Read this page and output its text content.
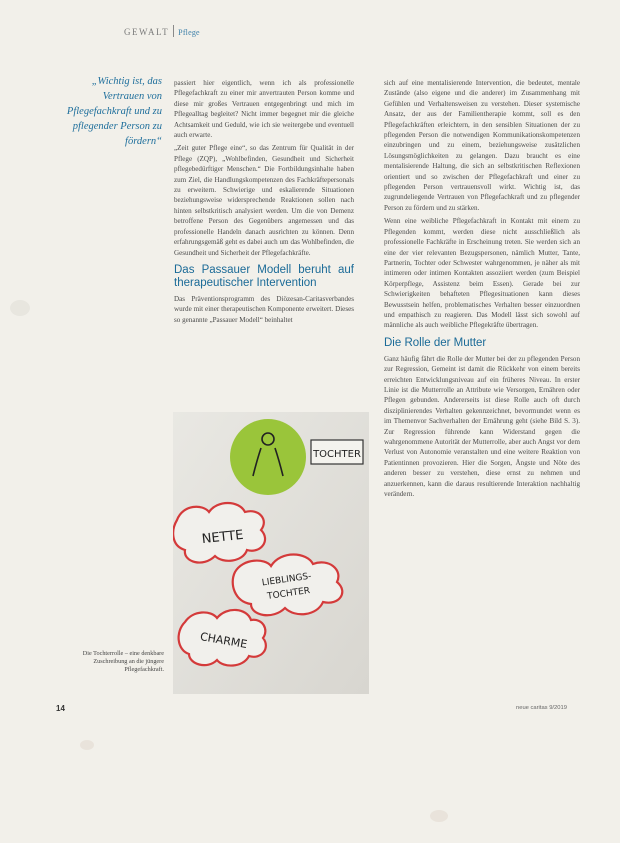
GEWALT Pflege
„Wichtig ist, das Vertrauen von Pflegefachkraft und zu pflegender Person zu fördern“

passiert hier eigentlich, wenn ich als professionelle Pflegefachkraft zu einer mir anvertrauten Person komme und diese mir großes Vertrauen entgegenbringt und mich im Pflegealltag begleitet? Nicht immer begegnet mir die gleiche Achtsamkeit und Geduld, wie ich sie weitergebe und eventuell auch erwarte.

„Zeit guter Pflege eine“, so das Zentrum für Qualität in der Pflege (ZQP), „Wohlbefinden, Gesundheit und Sicherheit pflegebedürftiger Menschen.“ Die Fortbildungsinhalte haben zum Ziel, die Handlungskompetenzen des Fachkräftepersonals zu erweitern. Schwierige und eskalierende Situationen beziehungsweise widersprechende Reaktionen sollen nach hinten selbstkritisch analysiert werden. Um die von Demenz betroffene Person des Gegenübers angemessen und das professionelle Handeln danach ausrichten zu können. Denn erfahrungsgemäß geht es dabei auch um das Wohlbefinden, die Gesundheit und Sicherheit der Pflegefachkräfte.

Das Passauer Modell beruht auf therapeutischer Intervention

Das Präventionsprogramm des Diözesan-Caritasverbandes wurde mit einer therapeutischen Komponente erweitert. Dieses so genannte „Passauer Modell“ beinhaltet

TOCHTER
NETTE
LIEBLINGS-
TOCHTER
CHARME
Die Tochterrolle – eine denkbare Zuschreibung an die jüngere Pflegefachkraft.

sich auf eine mentalisierende Intervention, die bedeutet, mentale Zustände (also eigene und die anderer) im Zusammenhang mit Gefühlen und Verhaltensweisen zu verstehen. Dieser systemische Ansatz, der aus der Familientherapie kommt, soll es den Pflegefachkräften erleichtern, in den sensiblen Situationen der zu pflegenden Person die notwendigen Kommunikationskompetenzen einzubringen und zu einem, beziehungsweise zusätzlichen Lösungsmöglichkeiten zu gelangen. Dazu braucht es eine mentalisierende Haltung, die sich an selbstkritischen Reflexionen orientiert und so zwischen der Pflegefachkraft und einer zu pflegenden Person vertrauensvoll wirkt. Wichtig ist, das zugrundeliegende Vertrauen von Pflegefachkraft und zu pflegender Person zu fördern und zu stärken.

Wenn eine weibliche Pflegefachkraft in Kontakt mit einem zu Pflegenden kommt, werden diese nicht ausschließlich als professionelle Fachkräfte in Erscheinung treten. Sie werden sich an eine der vier relevanten Bezugspersonen, nämlich Mutter, Tante, Partnerin, Tochter oder Schwester wahrgenommen, je näher als mit intimeren oder intimen Kontakten assoziiert werden (zum Beispiel Körperpflege, Assistenz beim Essen). Gerade bei zur Schwierigkeiten behafteten Pflegesituationen kann dieses Bewusstsein helfen, problematisches Verhalten besser einzuordnen und empathisch zu reagieren. Das Modell lässt sich sowohl auf männliche als auch weibliche Pflegekräfte übertragen.

Die Rolle der Mutter

Ganz häufig fährt die Rolle der Mutter bei der zu pflegenden Person zur Regression, Gemeint ist damit die Rückkehr von einem bereits erreichten Entwicklungsniveau auf ein früheres Niveau. In erster Linie ist die Mutterrolle an Attribute wie Versorgen, Ernähren oder Pflegen gebunden. Andererseits ist diese Rolle auch oft durch disziplinierendes Verhalten gekennzeichnet, bevormundet wenn es im Themenvor Sachverhalten der Ernährung geht (siehe Bild S. 3). Zur Regression führende kann Widerstand gegen die wahrgenommene Autorität der Mutterrolle, aber auch Angst vor dem Verlust von Autonomie veranstalten und eine weitere Reaktion von Patientinnen provozieren. Hier die Sorgen, Ängste und Nöte des anderen besser zu verstehen, diese ernst zu nehmen und anzuerkennen, kann die daraus resultierende Interaktion nachhaltig verändern.

14	neue caritas 9/2019
